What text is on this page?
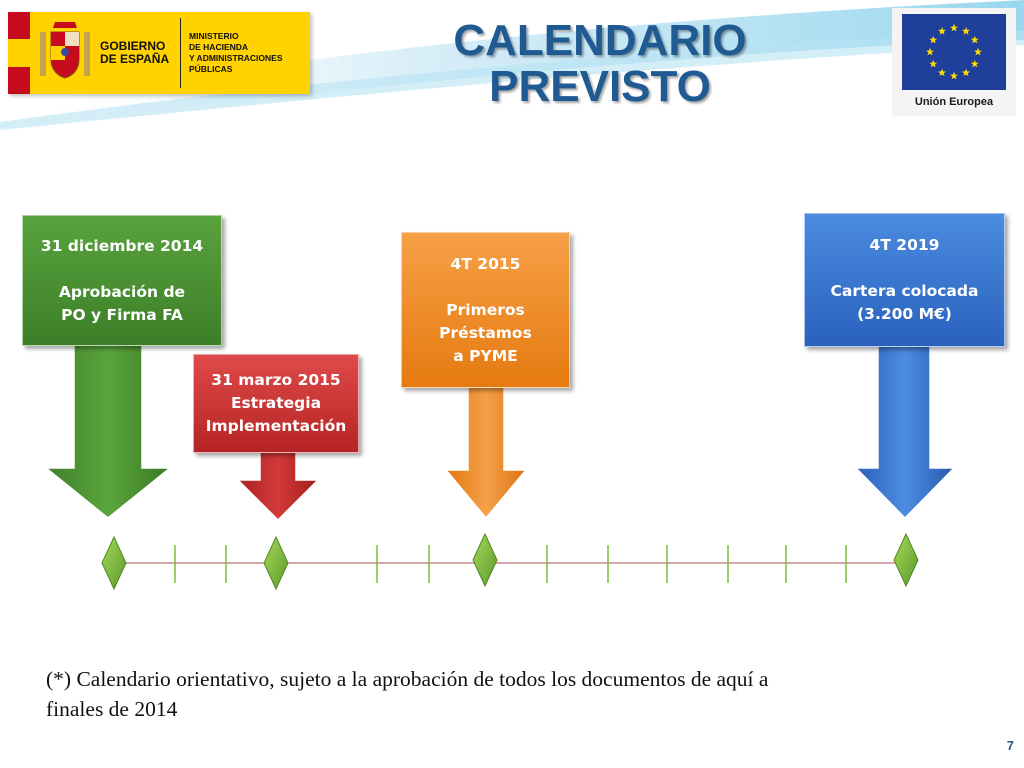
GOBIERNO
DE ESPAÑA
MINISTERIO
DE HACIENDA
Y ADMINISTRACIONES
PÚBLICAS
CALENDARIO
PREVISTO	Unión Europea
31 diciembre 2014
Aprobación de
PO y Firma FA
31 marzo 2015
Estrategia
Implementación
4T 2015
Primeros
Préstamos
a PYME
4T 2019
Cartera colocada
(3.200 M€)
(*) Calendario orientativo, sujeto a la aprobación de todos los documentos de aquí a
finales de 2014
7
